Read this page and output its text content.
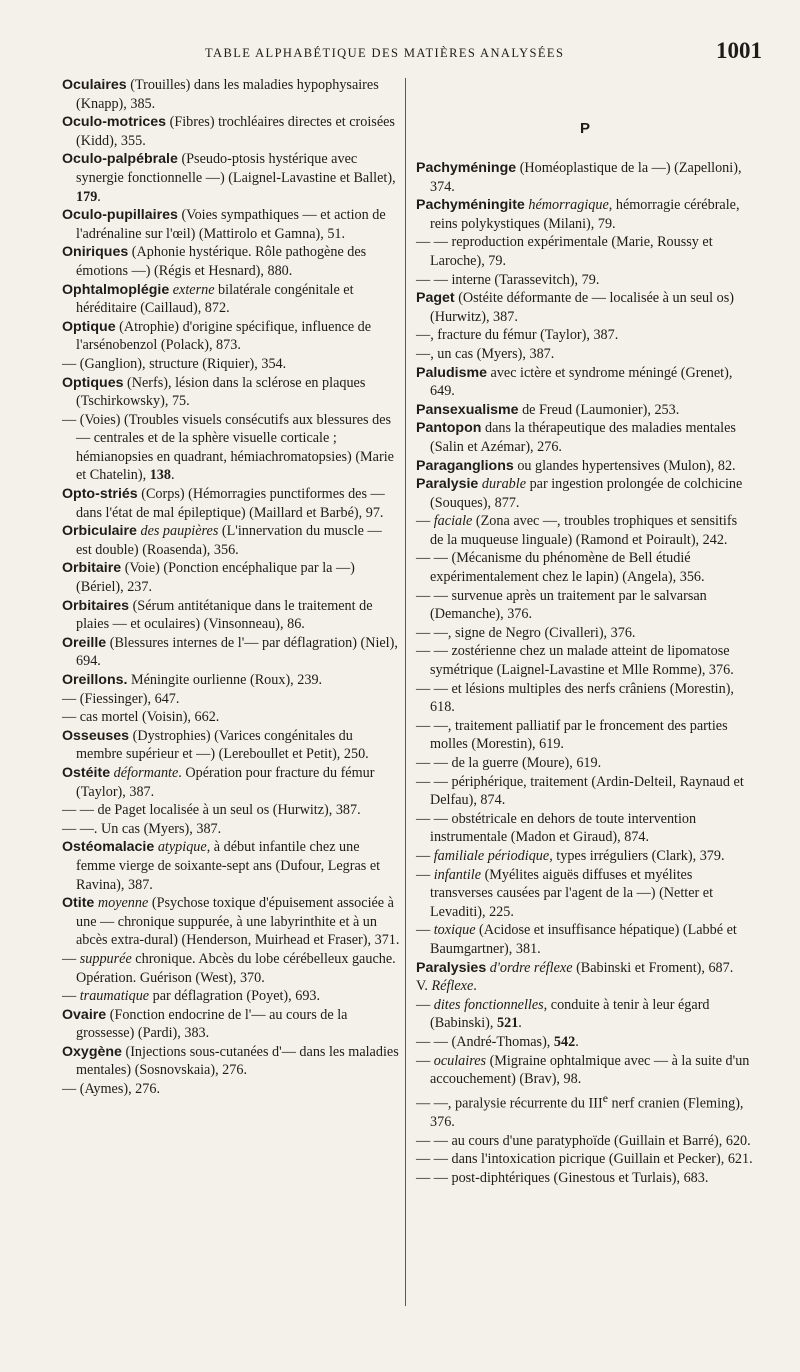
TABLE ALPHABÉTIQUE DES MATIÈRES ANALYSÉES	1001
Oculaires (Trouilles) dans les maladies hypophysaires (Knapp), 385.
Oculo-motrices (Fibres) trochléaires directes et croisées (Kidd), 355.
Oculo-palpébrale (Pseudo-ptosis hystérique avec synergie fonctionnelle —) (Laignel-Lavastine et Ballet), 179.
Oculo-pupillaires (Voies sympathiques — et action de l'adrénaline sur l'œil) (Mattirolo et Gamna), 51.
Oniriques (Aphonie hystérique. Rôle pathogène des émotions —) (Régis et Hesnard), 880.
Ophtalmoplégie externe bilatérale congénitale et héréditaire (Caillaud), 872.
Optique (Atrophie) d'origine spécifique, influence de l'arsénobenzol (Polack), 873.
— (Ganglion), structure (Riquier), 354.
Optiques (Nerfs), lésion dans la sclérose en plaques (Tschirkowsky), 75.
— (Voies) (Troubles visuels consécutifs aux blessures des — centrales et de la sphère visuelle corticale ; hémianopsies en quadrant, hémiachromatopsies) (Marie et Chatelin), 138.
Opto-striés (Corps) (Hémorragies punctiformes des — dans l'état de mal épileptique) (Maillard et Barbé), 97.
Orbiculaire des paupières (L'innervation du muscle — est double) (Roasenda), 356.
Orbitaire (Voie) (Ponction encéphalique par la —) (Bériel), 237.
Orbitaires (Sérum antitétanique dans le traitement de plaies — et oculaires) (Vinsonneau), 86.
Oreille (Blessures internes de l'— par déflagration) (Niel), 694.
Oreillons. Méningite ourlienne (Roux), 239.
— (Fiessinger), 647.
— cas mortel (Voisin), 662.
Osseuses (Dystrophies) (Varices congénitales du membre supérieur et —) (Lereboullet et Petit), 250.
Ostéite déformante. Opération pour fracture du fémur (Taylor), 387.
— — de Paget localisée à un seul os (Hurwitz), 387.
— —. Un cas (Myers), 387.
Ostéomalacie atypique, à début infantile chez une femme vierge de soixante-sept ans (Dufour, Legras et Ravina), 387.
Otite moyenne (Psychose toxique d'épuisement associée à une — chronique suppurée, à une labyrinthite et à un abcès extra-dural) (Henderson, Muirhead et Fraser), 371.
— suppurée chronique. Abcès du lobe cérébelleux gauche. Opération. Guérison (West), 370.
— traumatique par déflagration (Poyet), 693.
Ovaire (Fonction endocrine de l'— au cours de la grossesse) (Pardi), 383.
Oxygène (Injections sous-cutanées d'— dans les maladies mentales) (Sosnovskaia), 276.
— (Aymes), 276.
P
Pachyméninge (Homéoplastique de la —) (Zapelloni), 374.
Pachyméningite hémorragique, hémorragie cérébrale, reins polykystiques (Milani), 79.
— — reproduction expérimentale (Marie, Roussy et Laroche), 79.
— — interne (Tarassevitch), 79.
Paget (Ostéite déformante de — localisée à un seul os) (Hurwitz), 387.
—, fracture du fémur (Taylor), 387.
—, un cas (Myers), 387.
Paludisme avec ictère et syndrome méningé (Grenet), 649.
Pansexualisme de Freud (Laumonier), 253.
Pantopon dans la thérapeutique des maladies mentales (Salin et Azémar), 276.
Paraganglions ou glandes hypertensives (Mulon), 82.
Paralysie durable par ingestion prolongée de colchicine (Souques), 877.
— faciale (Zona avec —, troubles trophiques et sensitifs de la muqueuse linguale) (Ramond et Poirault), 242.
— — (Mécanisme du phénomène de Bell étudié expérimentalement chez le lapin) (Angela), 356.
— — survenue après un traitement par le salvarsan (Demanche), 376.
— —, signe de Negro (Civalleri), 376.
— — zostérienne chez un malade atteint de lipomatose symétrique (Laignel-Lavastine et Mlle Romme), 376.
— — et lésions multiples des nerfs crâniens (Morestin), 618.
— —, traitement palliatif par le froncement des parties molles (Morestin), 619.
— — de la guerre (Moure), 619.
— — périphérique, traitement (Ardin-Delteil, Raynaud et Delfau), 874.
— — obstétricale en dehors de toute intervention instrumentale (Madon et Giraud), 874.
— familiale périodique, types irréguliers (Clark), 379.
— infantile (Myélites aiguës diffuses et myélites transverses causées par l'agent de la —) (Netter et Levaditi), 225.
— toxique (Acidose et insuffisance hépatique) (Labbé et Baumgartner), 381.
Paralysies d'ordre réflexe (Babinski et Froment), 687.
V. Réflexe.
— dites fonctionnelles, conduite à tenir à leur égard (Babinski), 521.
— — (André-Thomas), 542.
— oculaires (Migraine ophtalmique avec — à la suite d'un accouchement) (Brav), 98.
— —, paralysie récurrente du IIIe nerf cranien (Fleming), 376.
— — au cours d'une paratyphoïde (Guillain et Barré), 620.
— — dans l'intoxication picrique (Guillain et Pecker), 621.
— — post-diphtériques (Ginestous et Turlais), 683.
